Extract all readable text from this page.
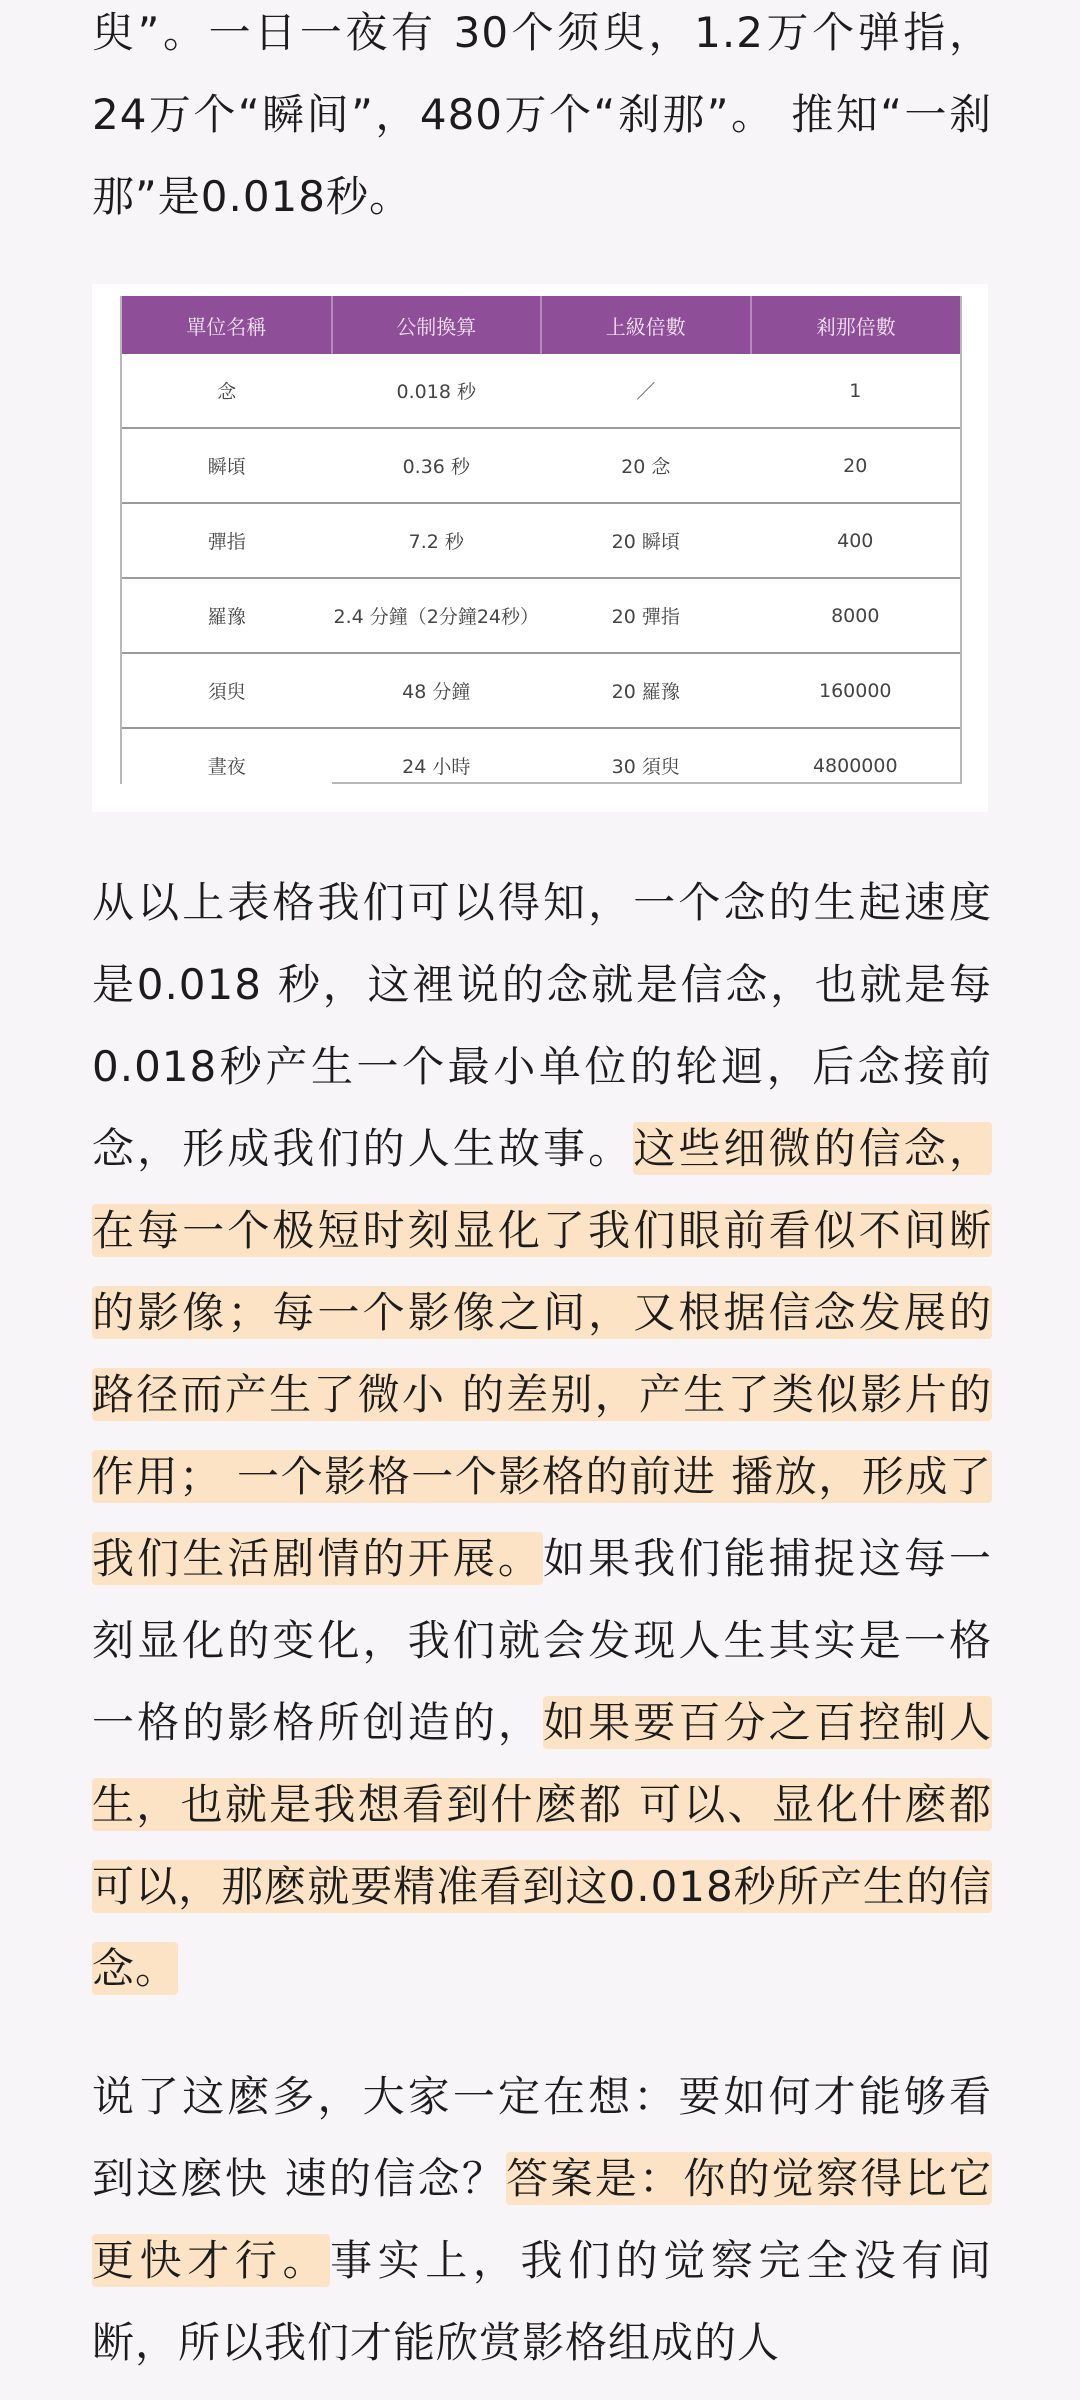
臾”。一日一夜有 30个须臾，1.2万个弹指，24万个“瞬间”，480万个“刹那”。 推知“一刹那”是0.018秒。

單位名稱	公制換算	上級倍數	剎那倍數
念	0.018 秒	／	1
瞬頃	0.36 秒	20 念	20
彈指	7.2 秒	20 瞬頃	400
羅豫	2.4 分鐘（2分鐘24秒）	20 彈指	8000
須臾	48 分鐘	20 羅豫	160000
晝夜	24 小時	30 須臾	4800000

从以上表格我们可以得知，一个念的生起速度是0.018 秒，这裡说的念就是信念，也就是每0.018秒产生一个最小单位的轮迴，后念接前念，形成我们的人生故事。这些细微的信念，在每一个极短时刻显化了我们眼前看似不间断的影像；每一个影像之间，又根据信念发展的路径而产生了微小 的差别，产生了类似影片的作用； 一个影格一个影格的前进 播放，形成了我们生活剧情的开展。如果我们能捕捉这每一刻显化的变化，我们就会发现人生其实是一格一格的影格所创造的，如果要百分之百控制人生，也就是我想看到什麽都 可以、显化什麽都可以，那麽就要精准看到这0.018秒所产生的信念。

说了这麽多，大家一定在想：要如何才能够看到这麽快 速的信念？答案是：你的觉察得比它更快才行。事实上，我们的觉察完全没有间断，所以我们才能欣赏影格组成的人
